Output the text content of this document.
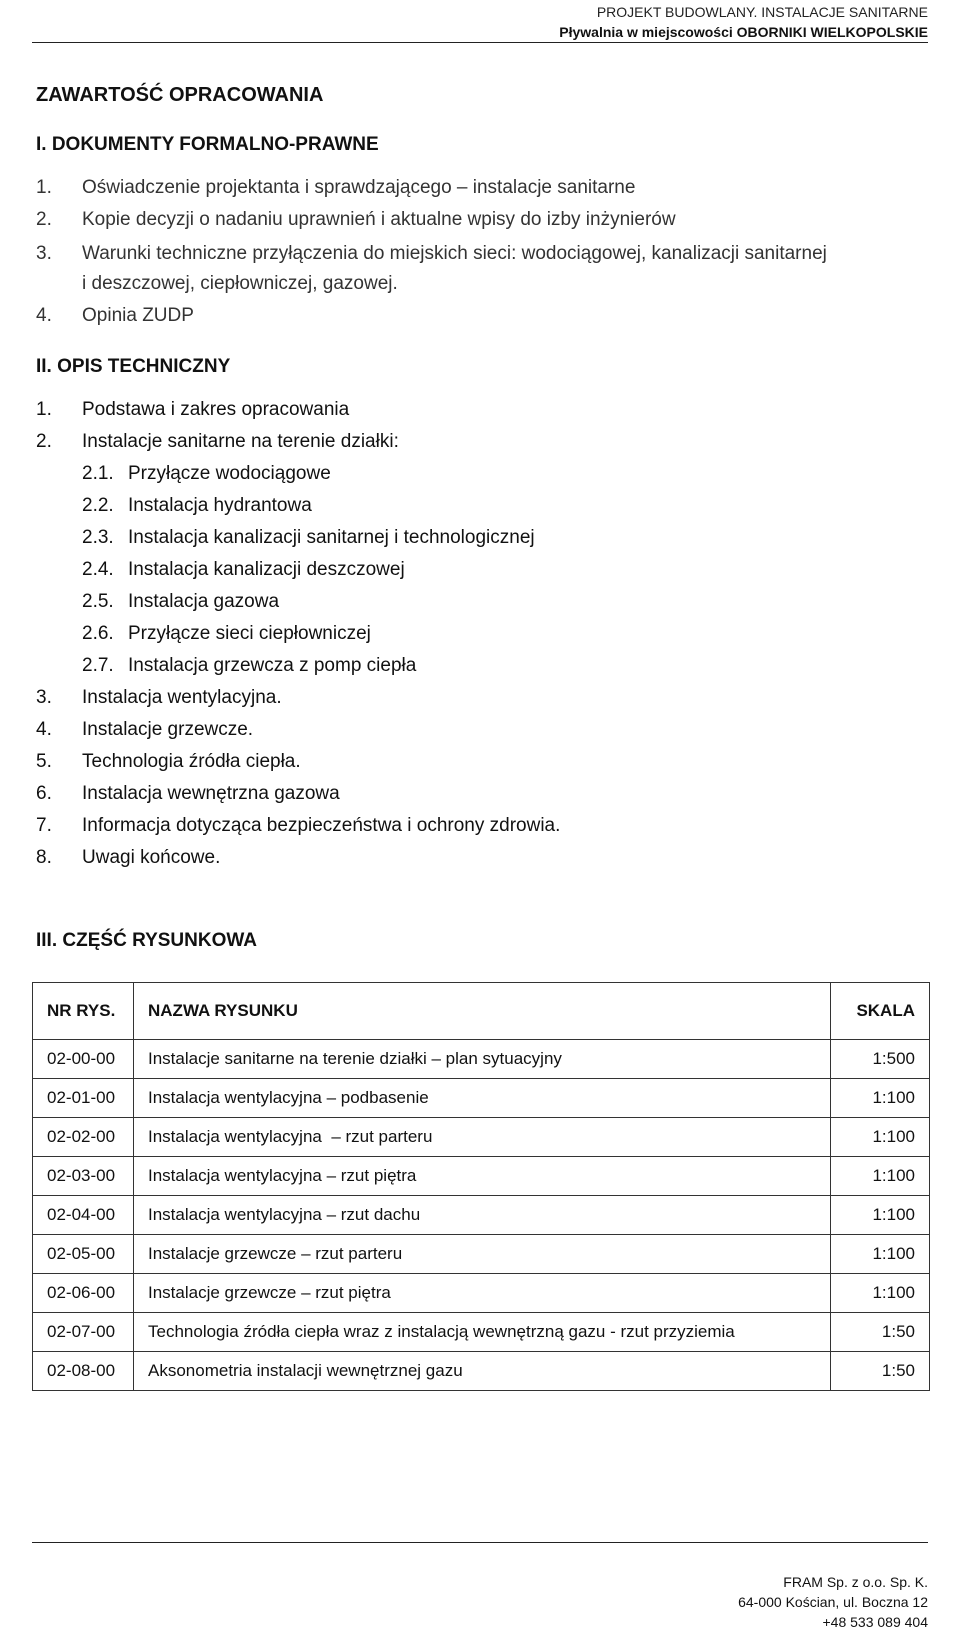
PROJEKT BUDOWLANY. INSTALACJE SANITARNE
Pływalnia w miejscowości OBORNIKI WIELKOPOLSKIE
ZAWARTOŚĆ OPRACOWANIA
I. DOKUMENTY FORMALNO-PRAWNE
1. Oświadczenie projektanta i sprawdzającego – instalacje sanitarne
2. Kopie decyzji o nadaniu uprawnień i aktualne wpisy do izby inżynierów
3. Warunki techniczne przyłączenia do miejskich sieci: wodociągowej, kanalizacji sanitarnej
i deszczowej, ciepłowniczej, gazowej.
4. Opinia ZUDP
II. OPIS TECHNICZNY
1. Podstawa i zakres opracowania
2. Instalacje sanitarne na terenie działki:
2.1. Przyłącze wodociągowe
2.2. Instalacja hydrantowa
2.3. Instalacja kanalizacji sanitarnej i technologicznej
2.4. Instalacja kanalizacji deszczowej
2.5. Instalacja gazowa
2.6. Przyłącze sieci ciepłowniczej
2.7. Instalacja grzewcza z pomp ciepła
3. Instalacja wentylacyjna.
4. Instalacje grzewcze.
5. Technologia źródła ciepła.
6. Instalacja wewnętrzna gazowa
7. Informacja dotycząca bezpieczeństwa i ochrony zdrowia.
8. Uwagi końcowe.
III. CZĘŚĆ RYSUNKOWA
NR RYS.	NAZWA RYSUNKU	SKALA
02-00-00	Instalacje sanitarne na terenie działki – plan sytuacyjny	1:500
02-01-00	Instalacja wentylacyjna – podbasenie	1:100
02-02-00	Instalacja wentylacyjna  – rzut parteru	1:100
02-03-00	Instalacja wentylacyjna – rzut piętra	1:100
02-04-00	Instalacja wentylacyjna – rzut dachu	1:100
02-05-00	Instalacje grzewcze – rzut parteru	1:100
02-06-00	Instalacje grzewcze – rzut piętra	1:100
02-07-00	Technologia źródła ciepła wraz z instalacją wewnętrzną gazu - rzut przyziemia	1:50
02-08-00	Aksonometria instalacji wewnętrznej gazu	1:50
FRAM Sp. z o.o. Sp. K.
64-000 Kościan, ul. Boczna 12
+48 533 089 404
